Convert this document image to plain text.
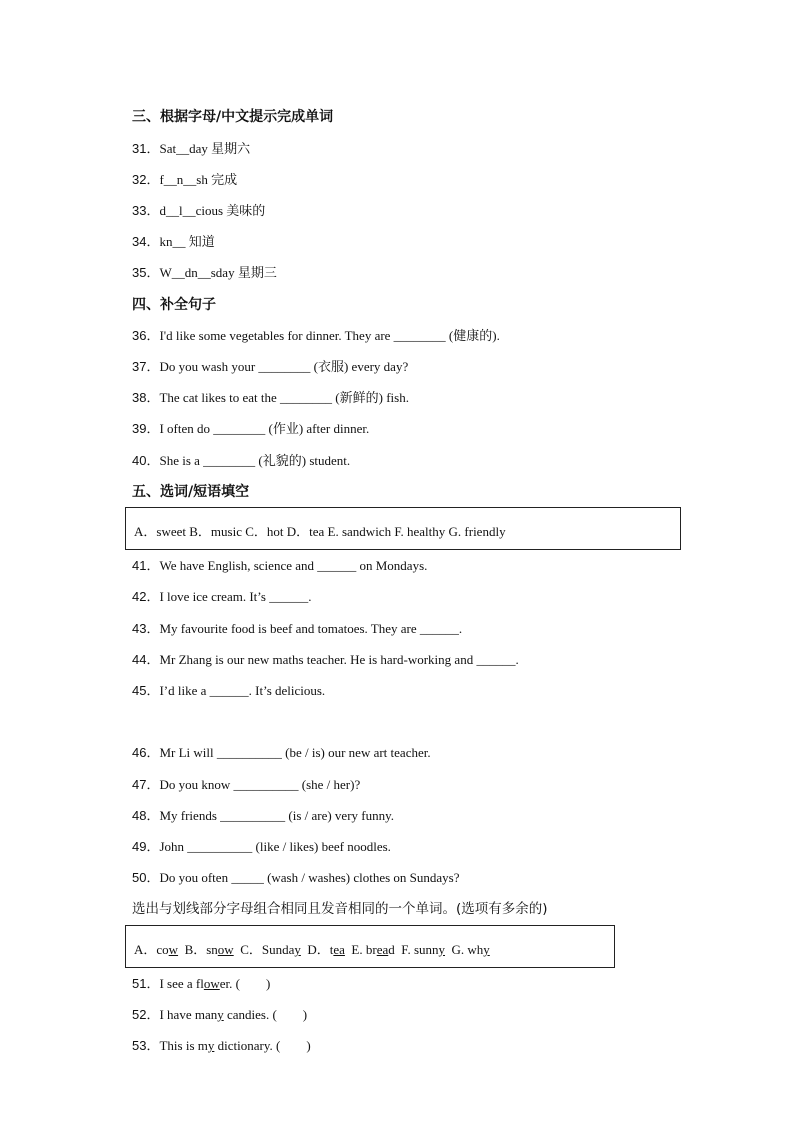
三、根据字母/中文提示完成单词
31．Sat__day 星期六
32．f__n__sh 完成
33．d__l__cious 美味的
34．kn__ 知道
35．W__dn__sday 星期三
四、补全句子
36．I'd like some vegetables for dinner. They are ________ (健康的).
37．Do you wash your ________ (衣服) every day?
38．The cat likes to eat the ________ (新鲜的) fish.
39．I often do ________ (作业) after dinner.
40．She is a ________ (礼貌的) student.
五、选词/短语填空
A．sweet B．music C．hot D．tea E. sandwich F. healthy G. friendly
41．We have English, science and ______ on Mondays.
42．I love ice cream. It’s ______.
43．My favourite food is beef and tomatoes. They are ______.
44．Mr Zhang is our new maths teacher. He is hard-working and ______.
45．I’d like a ______. It’s delicious.
46．Mr Li will __________ (be / is) our new art teacher.
47．Do you know __________ (she / her)?
48．My friends __________ (is / are) very funny.
49．John __________ (like / likes) beef noodles.
50．Do you often _____ (wash / washes) clothes on Sundays?
选出与划线部分字母组合相同且发音相同的一个单词。(选项有多余的)
A．cow  B．snow  C．Sunday  D．tea  E. bread  F. sunny  G. why
51．I see a flower. (        )
52．I have many candies. (        )
53．This is my dictionary. (        )
